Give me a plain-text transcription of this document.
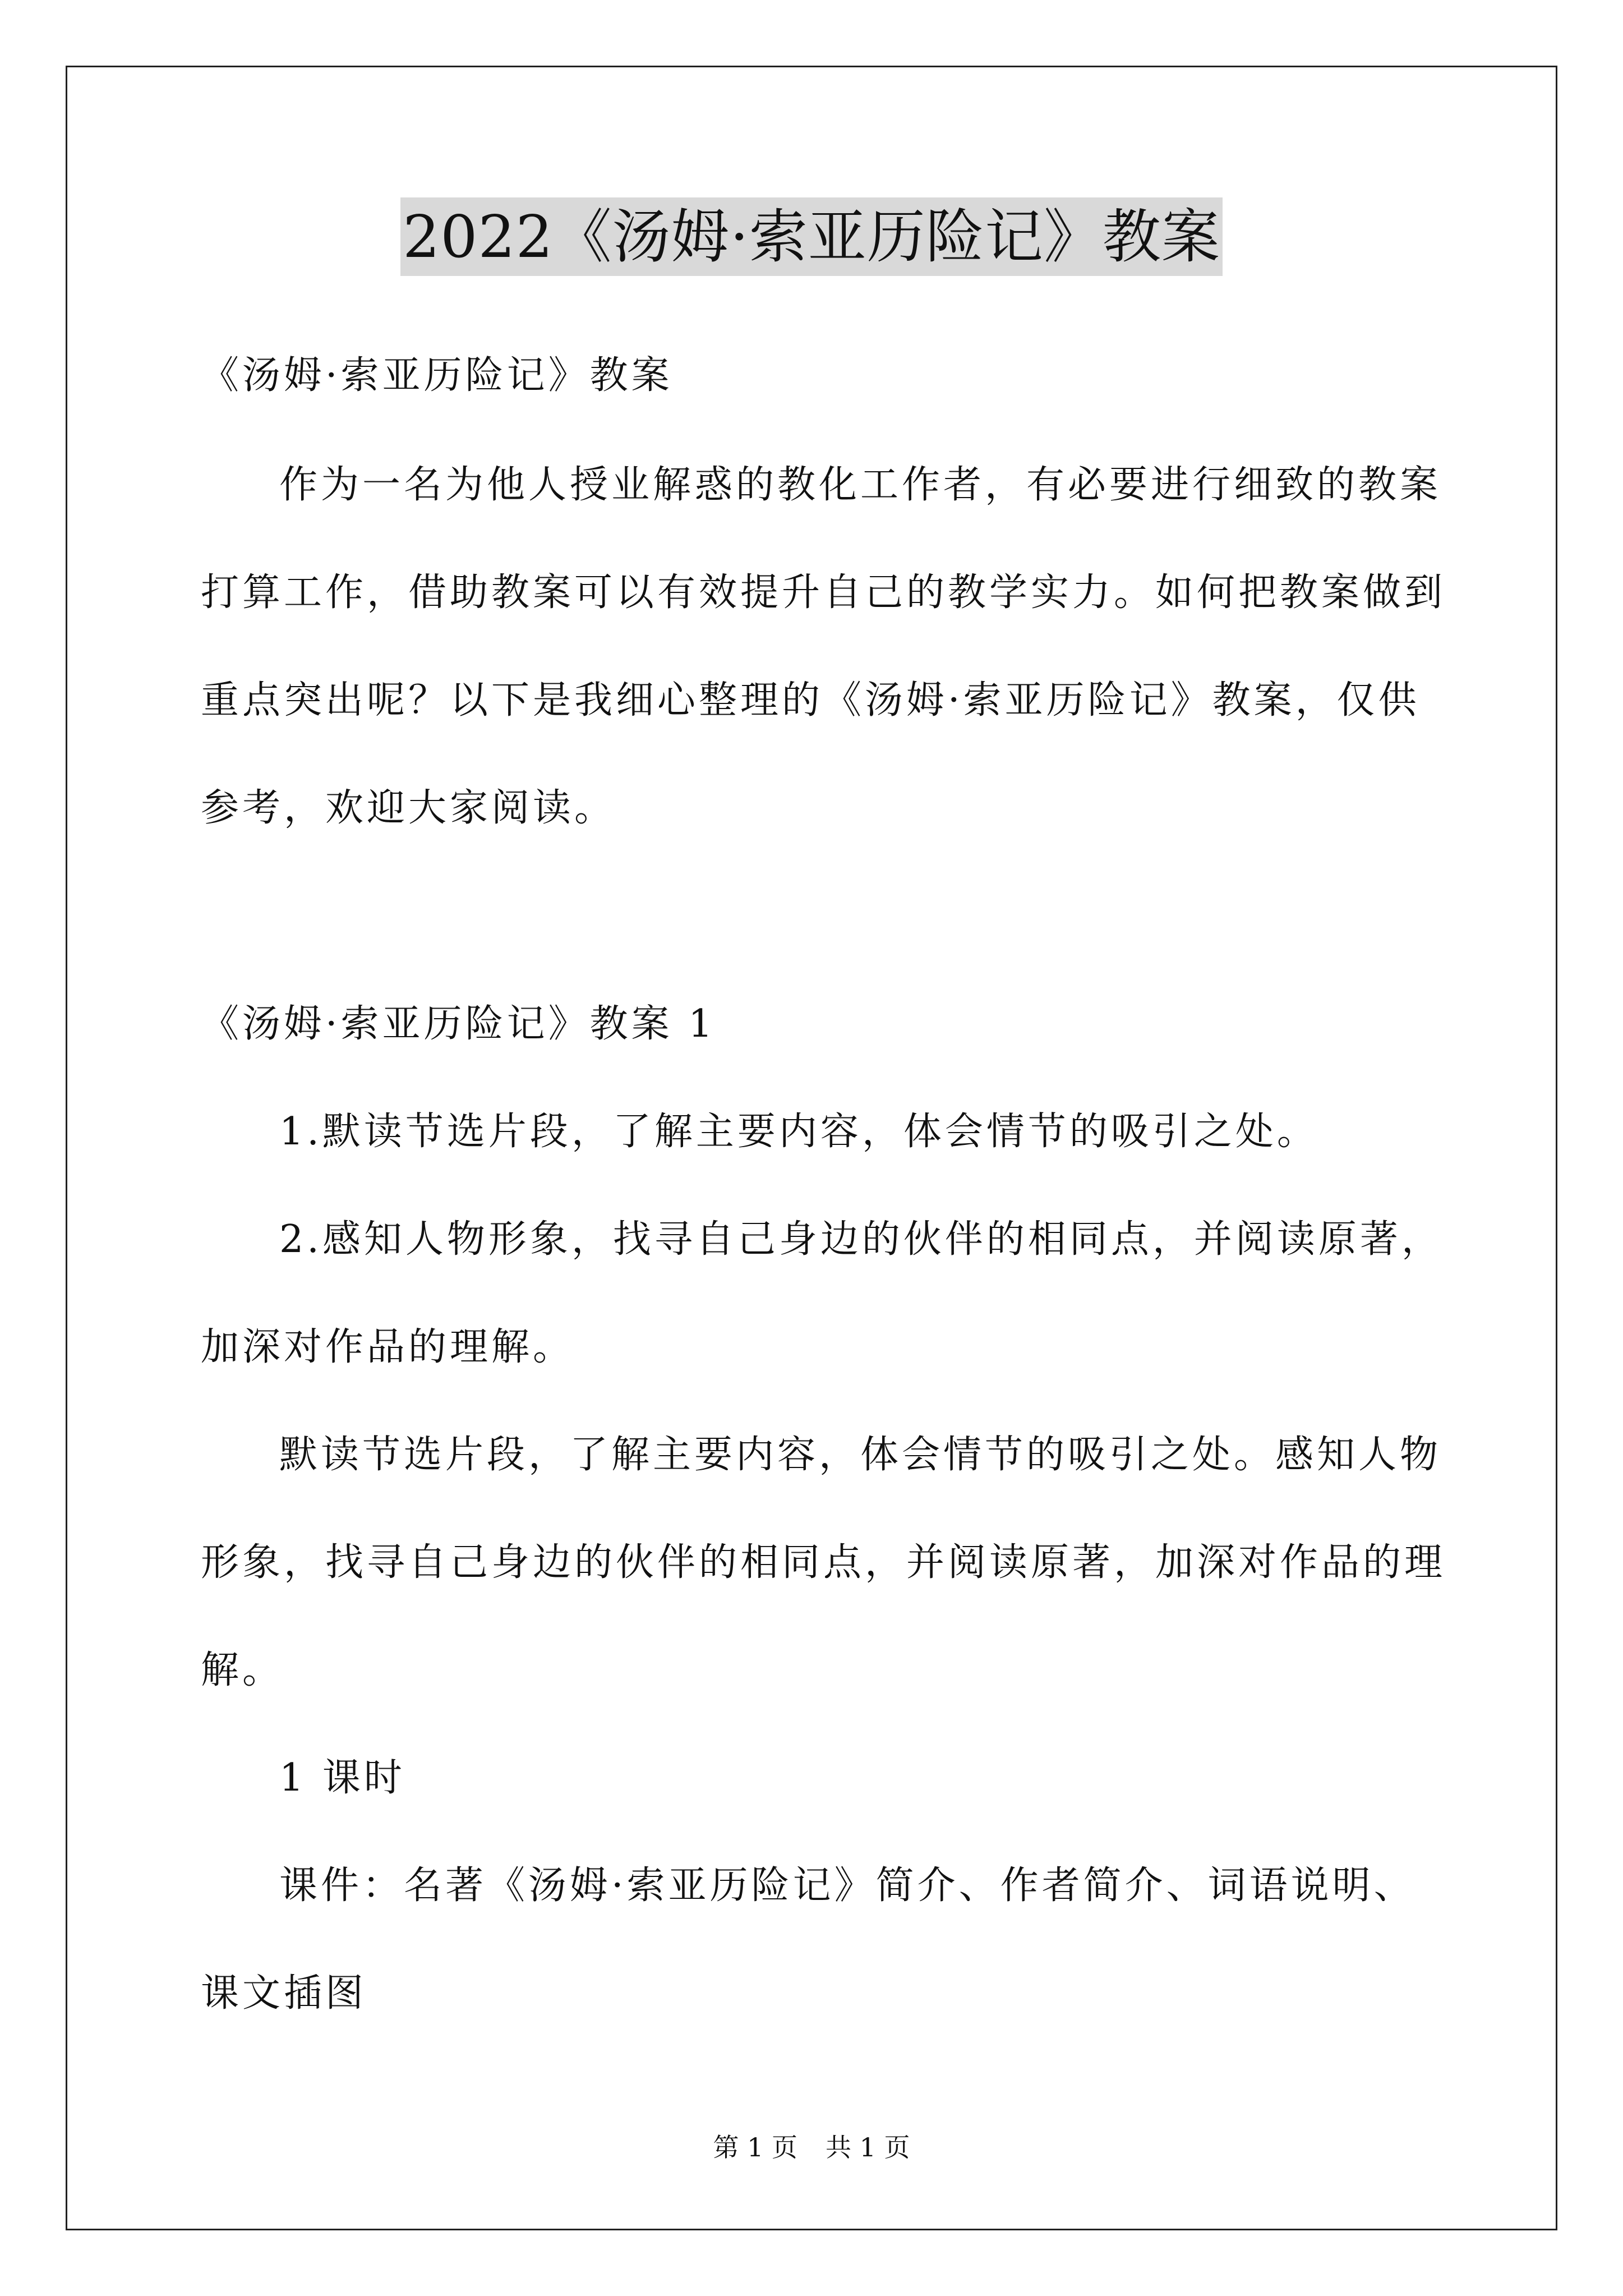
2022《汤姆·索亚历险记》教案
《汤姆·索亚历险记》教案
作为一名为他人授业解惑的教化工作者，有必要进行细致的教案
打算工作，借助教案可以有效提升自己的教学实力。如何把教案做到
重点突出呢？以下是我细心整理的《汤姆·索亚历险记》教案，仅供
参考，欢迎大家阅读。
《汤姆·索亚历险记》教案 1
1.默读节选片段，了解主要内容，体会情节的吸引之处。
2.感知人物形象，找寻自己身边的伙伴的相同点，并阅读原著，
加深对作品的理解。
默读节选片段，了解主要内容，体会情节的吸引之处。感知人物
形象，找寻自己身边的伙伴的相同点，并阅读原著，加深对作品的理
解。
1 课时
课件：名著《汤姆·索亚历险记》简介、作者简介、词语说明、
课文插图
第 1 页 共 1 页
